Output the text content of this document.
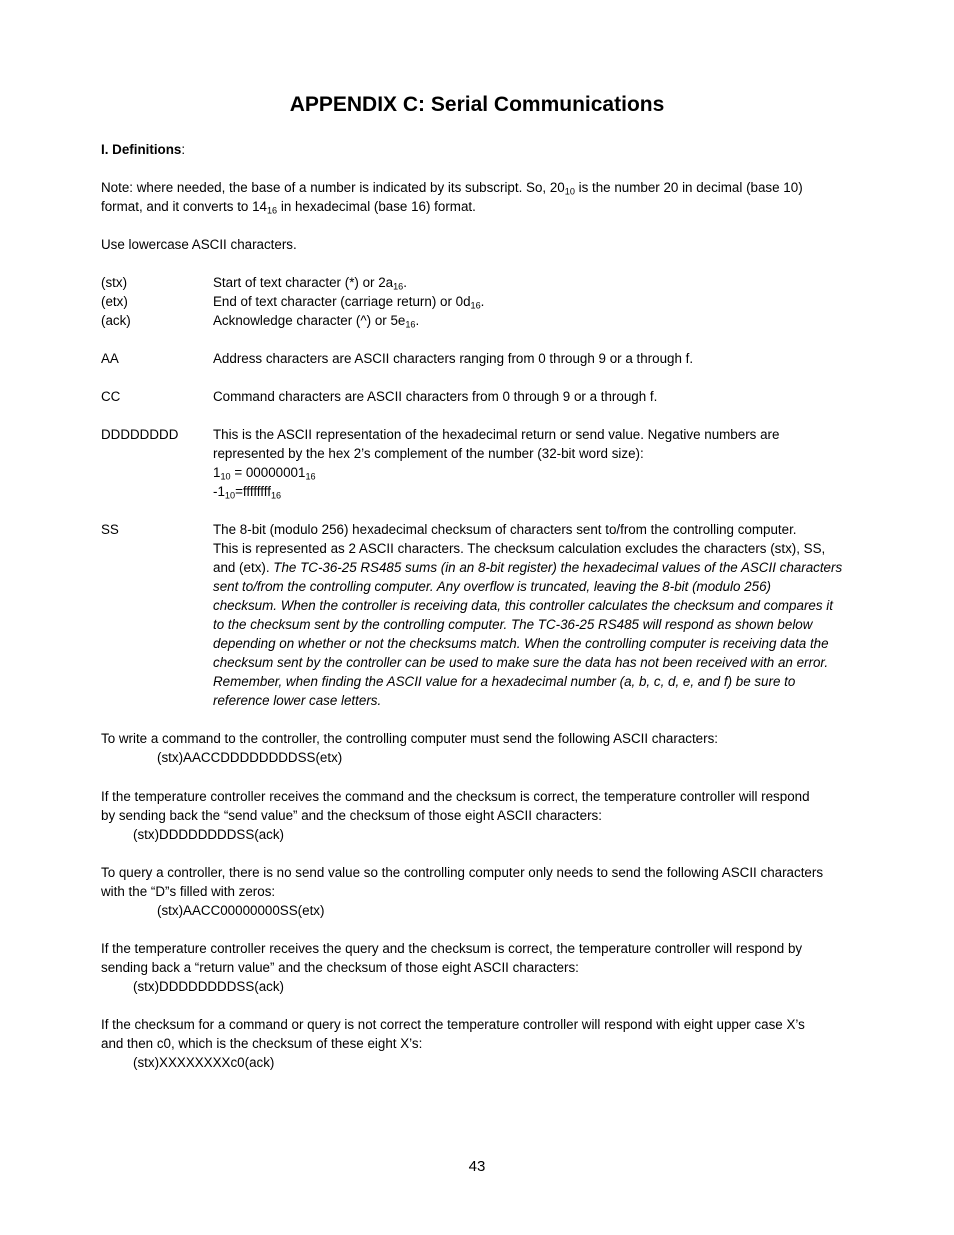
APPENDIX C: Serial Communications
I. Definitions:
Note: where needed, the base of a number is indicated by its subscript. So, $20_{10}$ is the number 20 in decimal (base 10)
format, and it converts to $14_{16}$ in hexadecimal (base 16) format.
Use lowercase ASCII characters.
(stx)	Start of text character (*) or $2a_{16}$.
(etx)	End of text character (carriage return) or $0d_{16}$.
(ack)	Acknowledge character (^) or $5e_{16}$.
AA	Address characters are ASCII characters ranging from 0 through 9 or a through f.
CC	Command characters are ASCII characters from 0 through 9 or a through f.
DDDDDDDD	This is the ASCII representation of the hexadecimal return or send value. Negative numbers are
represented by the hex 2’s complement of the number (32-bit word size):
$1_{10} = 00000001_{16}$
$-1_{10}=ffffffff_{16}$
SS	The 8-bit (modulo 256) hexadecimal checksum of characters sent to/from the controlling computer.
This is represented as 2 ASCII characters. The checksum calculation excludes the characters (stx), SS,
and (etx). The TC-36-25 RS485 sums (in an 8-bit register) the hexadecimal values of the ASCII characters
sent to/from the controlling computer. Any overflow is truncated, leaving the 8-bit (modulo 256)
checksum. When the controller is receiving data, this controller calculates the checksum and compares it
to the checksum sent by the controlling computer. The TC-36-25 RS485 will respond as shown below
depending on whether or not the checksums match. When the controlling computer is receiving data the
checksum sent by the controller can be used to make sure the data has not been received with an error.
Remember, when finding the ASCII value for a hexadecimal number (a, b, c, d, e, and f) be sure to
reference lower case letters.
To write a command to the controller, the controlling computer must send the following ASCII characters:
(stx)AACCDDDDDDDDSS(etx)
If the temperature controller receives the command and the checksum is correct, the temperature controller will respond
by sending back the “send value” and the checksum of those eight ASCII characters:
(stx)DDDDDDDDSS(ack)
To query a controller, there is no send value so the controlling computer only needs to send the following ASCII characters
with the “D”s filled with zeros:
(stx)AACC00000000SS(etx)
If the temperature controller receives the query and the checksum is correct, the temperature controller will respond by
sending back a “return value” and the checksum of those eight ASCII characters:
(stx)DDDDDDDDSS(ack)
If the checksum for a command or query is not correct the temperature controller will respond with eight upper case X’s
and then c0, which is the checksum of these eight X’s:
(stx)XXXXXXXXc0(ack)
43
